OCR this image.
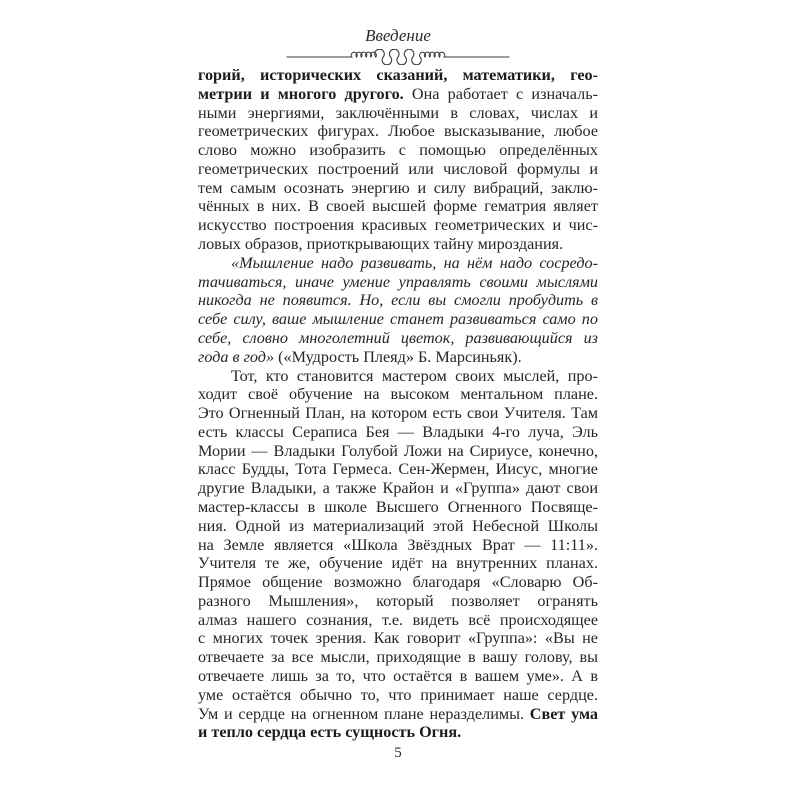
Введение
горий, исторических сказаний, математики, гео-
метрии и многого другого. Она работает с изначаль-
ными энергиями, заключёнными в словах, числах и
геометрических фигурах. Любое высказывание, любое
слово можно изобразить с помощью определённых
геометрических построений или числовой формулы и
тем самым осознать энергию и силу вибраций, заклю-
чённых в них. В своей высшей форме гематрия являет
искусство построения красивых геометрических и чис-
ловых образов, приоткрывающих тайну мироздания.
«Мышление надо развивать, на нём надо сосредо-
тачиваться, иначе умение управлять своими мыслями
никогда не появится. Но, если вы смогли пробудить в
себе силу, ваше мышление станет развиваться само по
себе, словно многолетний цветок, развивающийся из
года в год» («Мудрость Плеяд» Б. Марсиньяк).
Тот, кто становится мастером своих мыслей, про-
ходит своё обучение на высоком ментальном плане.
Это Огненный План, на котором есть свои Учителя. Там
есть классы Сераписа Бея — Владыки 4-го луча, Эль
Мории — Владыки Голубой Ложи на Сириусе, конечно,
класс Будды, Тота Гермеса. Сен-Жермен, Иисус, многие
другие Владыки, а также Крайон и «Группа» дают свои
мастер-классы в школе Высшего Огненного Посвяще-
ния. Одной из материализаций этой Небесной Школы
на Земле является «Школа Звёздных Врат — 11:11».
Учителя те же, обучение идёт на внутренних планах.
Прямое общение возможно благодаря «Словарю Об-
разного Мышления», который позволяет огранять
алмаз нашего сознания, т.е. видеть всё происходящее
с многих точек зрения. Как говорит «Группа»: «Вы не
отвечаете за все мысли, приходящие в вашу голову, вы
отвечаете лишь за то, что остаётся в вашем уме». А в
уме остаётся обычно то, что принимает наше сердце.
Ум и сердце на огненном плане неразделимы. Свет ума
и тепло сердца есть сущность Огня.
5
